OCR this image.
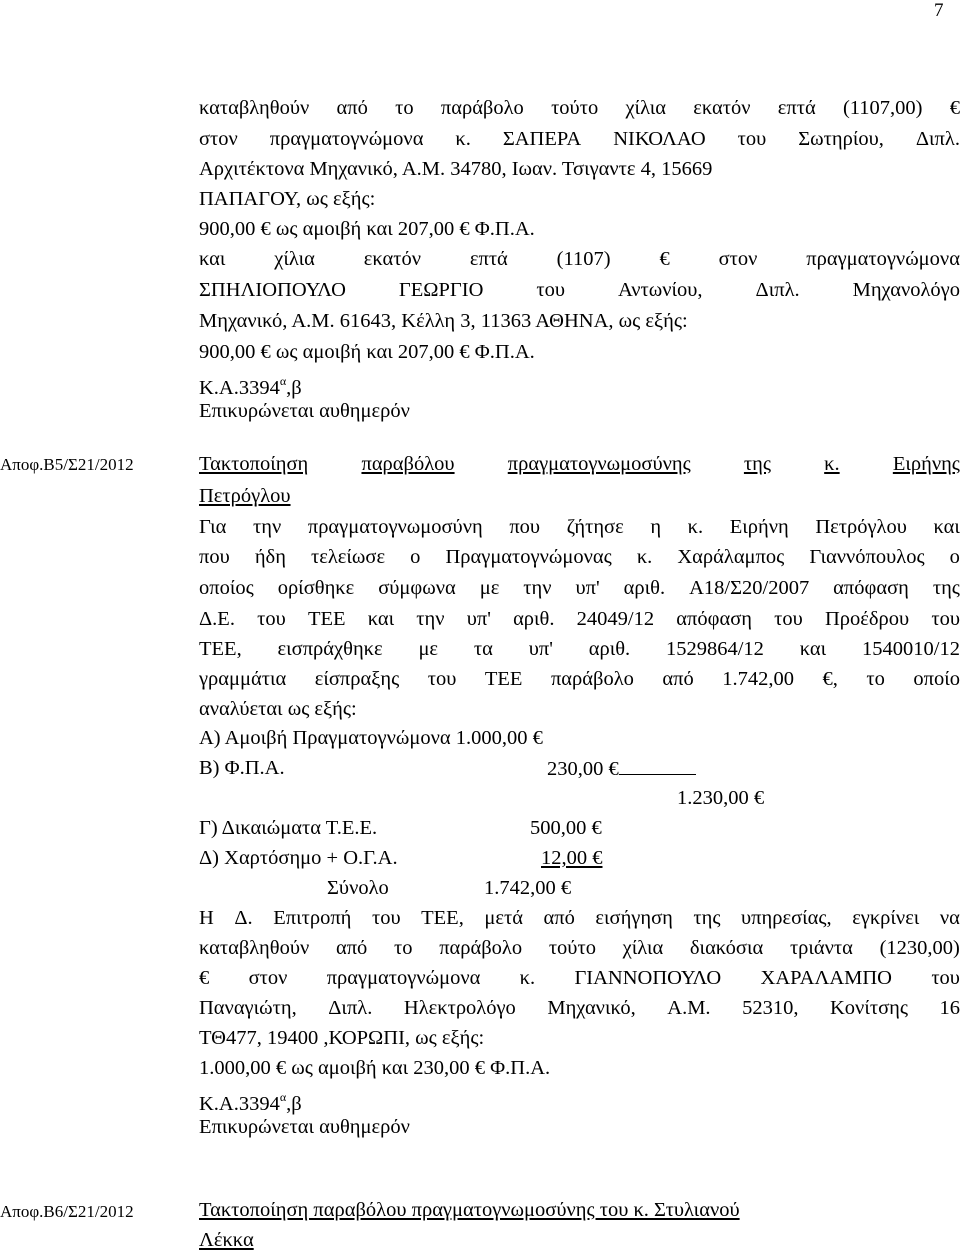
7
καταβληθούν από το παράβολο τούτο χίλια εκατόν επτά (1107,00) €
στον πραγματογνώμονα κ. ΣΑΠΕΡΑ ΝΙΚΟΛΑΟ του Σωτηρίου, Διπλ.
Αρχιτέκτονα Μηχανικό, Α.Μ. 34780, Ιωαν. Τσιγαντε 4, 15669
ΠΑΠΑΓΟΥ, ως εξής:
900,00 € ως αμοιβή και 207,00 € Φ.Π.Α.
και χίλια εκατόν επτά (1107) € στον πραγματογνώμονα
ΣΠΗΛΙΟΠΟΥΛΟ	ΓΕΩΡΓΙΟ	του	Αντωνίου,	Διπλ.	Μηχανολόγο
Μηχανικό, Α.Μ. 61643, Κέλλη 3, 11363 ΑΘΗΝΑ, ως εξής:
900,00 € ως αμοιβή και 207,00 € Φ.Π.Α.
$K.A.3394^\alpha,\beta$
Επικυρώνεται αυθημερόν
Αποφ.Β5/Σ21/2012	Τακτοποίηση	παραβόλου	πραγματογνωμοσύνης	της	κ.	Ειρήνης
Πετρόγλου
Για την πραγματογνωμοσύνη που ζήτησε η κ. Ειρήνη Πετρόγλου και
που ήδη τελείωσε ο Πραγματογνώμονας κ. Χαράλαμπος Γιαννόπουλος ο
οποίος ορίσθηκε σύμφωνα με την υπ' αριθ. Α18/Σ20/2007 απόφαση της
Δ.Ε. του ΤΕΕ και την υπ' αριθ. 24049/12 απόφαση του Προέδρου του
ΤΕΕ, εισπράχθηκε με τα υπ' αριθ. 1529864/12 και 1540010/12
γραμμάτια είσπραξης του ΤΕΕ παράβολο από 1.742,00 €, το οποίο
αναλύεται ως εξής:
Α) Αμοιβή Πραγματογνώμονα 1.000,00 €
Β) Φ.Π.Α.	230,00 €
1.230,00 €
Γ) Δικαιώματα Τ.Ε.Ε.	500,00 €
Δ) Χαρτόσημο + Ο.Γ.Α.	12,00 €
Σύνολο	1.742,00 €
Η Δ. Επιτροπή του ΤΕΕ, μετά από εισήγηση της υπηρεσίας, εγκρίνει να
καταβληθούν από το παράβολο τούτο χίλια διακόσια τριάντα (1230,00)
€ στον πραγματογνώμονα κ. ΓΙΑΝΝΟΠΟΥΛΟ ΧΑΡΑΛΑΜΠΟ του
Παναγιώτη, Διπλ. Ηλεκτρολόγο Μηχανικό, Α.Μ. 52310, Κονίτσης 16
ΤΘ477, 19400 ,ΚΟΡΩΠΙ, ως εξής:
1.000,00 € ως αμοιβή και 230,00 € Φ.Π.Α.
$K.A.3394^\alpha,\beta$
Επικυρώνεται αυθημερόν
Αποφ.Β6/Σ21/2012	Τακτοποίηση παραβόλου πραγματογνωμοσύνης του κ. Στυλιανού
Λέκκα
